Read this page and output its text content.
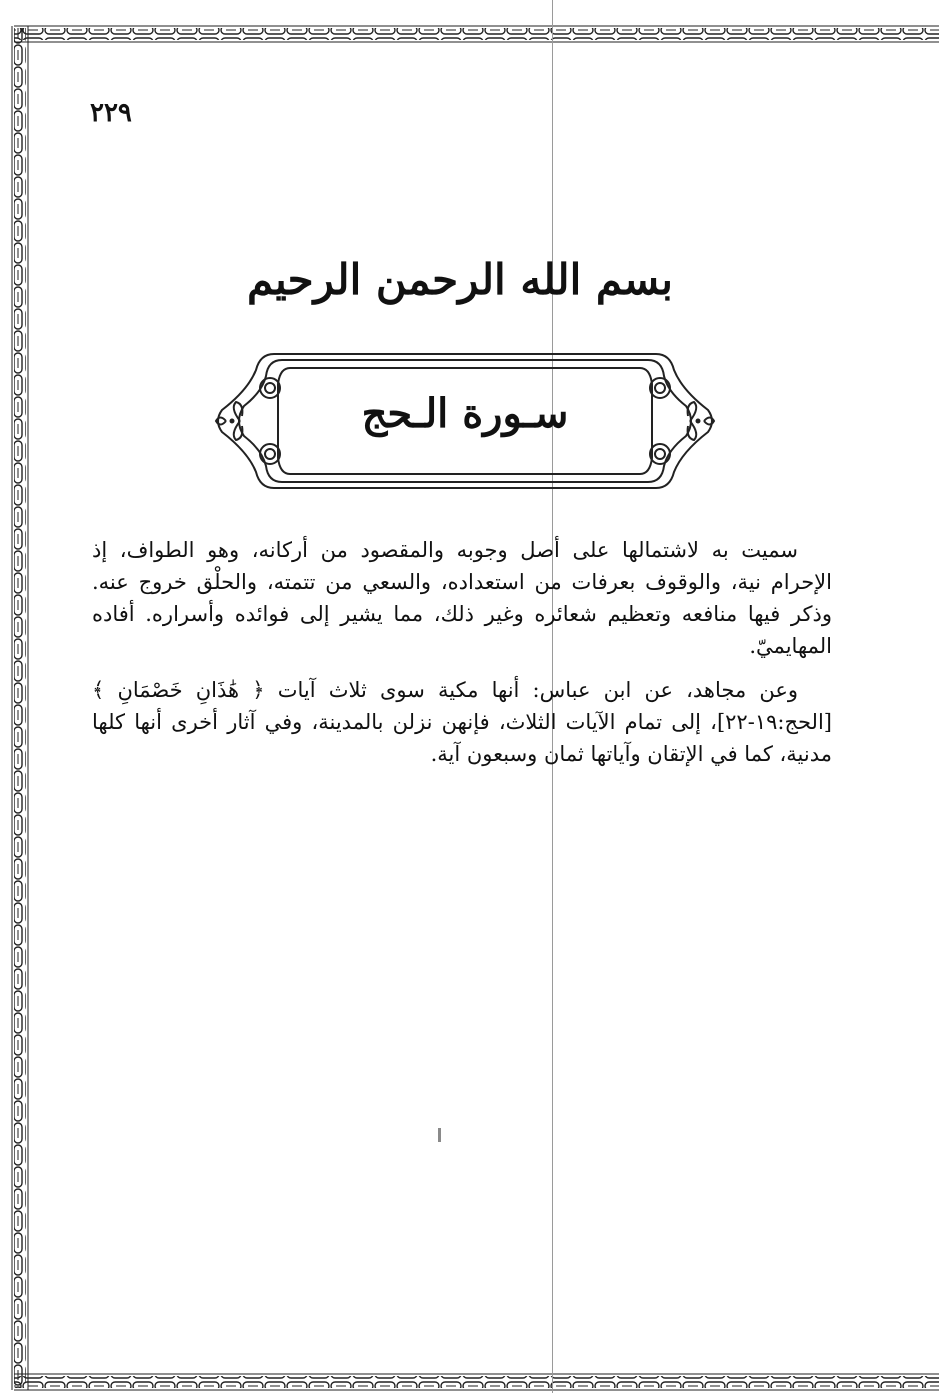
٢٢٩
بسم الله الرحمن الرحيم
سـورة الـحج

سميت به لاشتمالها على أصل وجوبه والمقصود من أركانه، وهو الطواف، إذ الإحرام نية، والوقوف بعرفات من استعداده، والسعي من تتمته، والحلْق خروج عنه. وذكر فيها منافعه وتعظيم شعائره وغير ذلك، مما يشير إلى فوائده وأسراره. أفاده المهايميّ.

وعن مجاهد، عن ابن عباس: أنها مكية سوى ثلاث آيات ﴿ هَٰذَانِ خَصْمَانِ ﴾ [الحج:١٩-٢٢]، إلى تمام الآيات الثلاث، فإنهن نزلن بالمدينة، وفي آثار أخرى أنها كلها مدنية، كما في الإتقان وآياتها ثمان وسبعون آية.
